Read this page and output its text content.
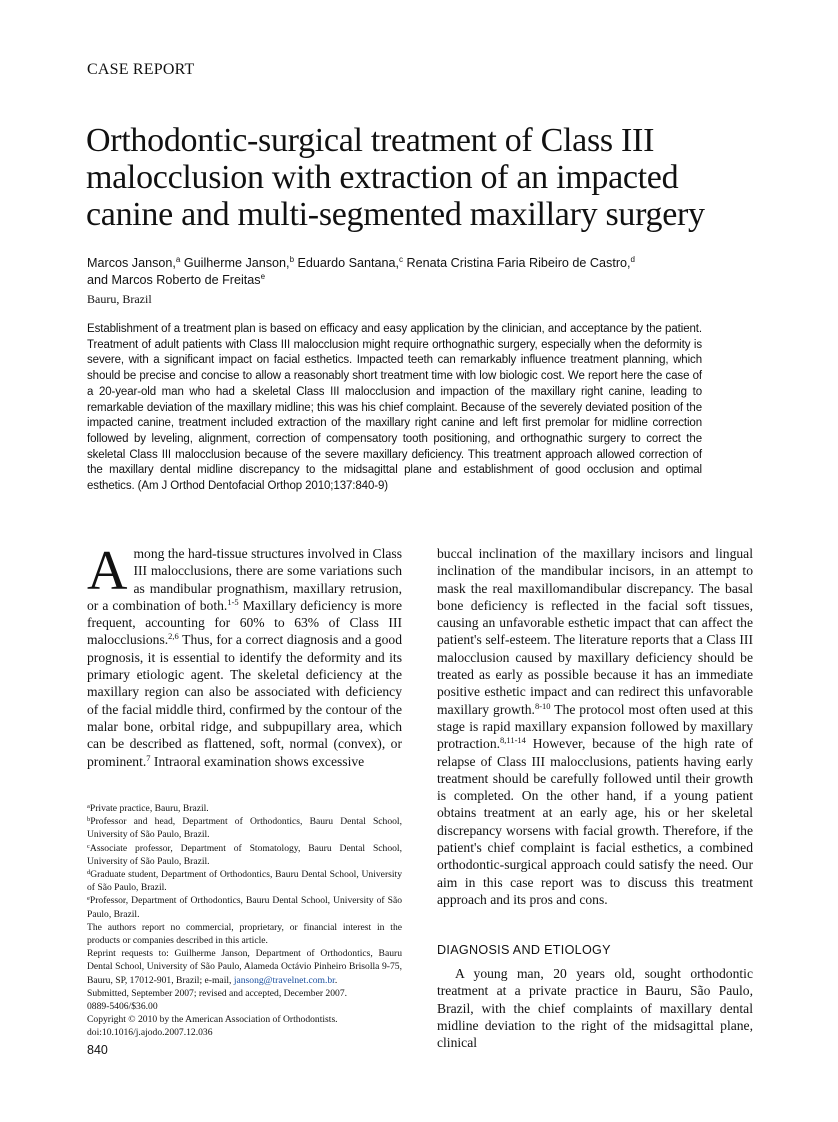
CASE REPORT
Orthodontic-surgical treatment of Class III malocclusion with extraction of an impacted canine and multi-segmented maxillary surgery
Marcos Janson,$^a$ Guilherme Janson,$^b$ Eduardo Santana,$^c$ Renata Cristina Faria Ribeiro de Castro,$^d$
and Marcos Roberto de Freitas$^e$
Bauru, Brazil

Establishment of a treatment plan is based on efficacy and easy application by the clinician, and acceptance by the patient. Treatment of adult patients with Class III malocclusion might require orthognathic surgery, especially when the deformity is severe, with a significant impact on facial esthetics. Impacted teeth can remarkably influence treatment planning, which should be precise and concise to allow a reasonably short treatment time with low biologic cost. We report here the case of a 20-year-old man who had a skeletal Class III malocclusion and impaction of the maxillary right canine, leading to remarkable deviation of the maxillary midline; this was his chief complaint. Because of the severely deviated position of the impacted canine, treatment included extraction of the maxillary right canine and left first premolar for midline correction followed by leveling, alignment, correction of compensatory tooth positioning, and orthognathic surgery to correct the skeletal Class III malocclusion because of the severe maxillary deficiency. This treatment approach allowed correction of the maxillary dental midline discrepancy to the midsagittal plane and establishment of good occlusion and optimal esthetics. (Am J Orthod Dentofacial Orthop 2010;137:840-9)

Among the hard-tissue structures involved in Class III malocclusions, there are some variations such as mandibular prognathism, maxillary retrusion, or a combination of both.$^{1-5}$ Maxillary deficiency is more frequent, accounting for 60% to 63% of Class III malocclusions.$^{2,6}$ Thus, for a correct diagnosis and a good prognosis, it is essential to identify the deformity and its primary etiologic agent. The skeletal deficiency at the maxillary region can also be associated with deficiency of the facial middle third, confirmed by the contour of the malar bone, orbital ridge, and subpupillary area, which can be described as flattened, soft, normal (convex), or prominent.$^7$ Intraoral examination shows excessive

$^a$Private practice, Bauru, Brazil.
$^b$Professor and head, Department of Orthodontics, Bauru Dental School, University of São Paulo, Brazil.
$^c$Associate professor, Department of Stomatology, Bauru Dental School, University of São Paulo, Brazil.
$^d$Graduate student, Department of Orthodontics, Bauru Dental School, University of São Paulo, Brazil.
$^e$Professor, Department of Orthodontics, Bauru Dental School, University of São Paulo, Brazil.
The authors report no commercial, proprietary, or financial interest in the products or companies described in this article.
Reprint requests to: Guilherme Janson, Department of Orthodontics, Bauru Dental School, University of São Paulo, Alameda Octávio Pinheiro Brisolla 9-75, Bauru, SP, 17012-901, Brazil; e-mail, jansong@travelnet.com.br.
Submitted, September 2007; revised and accepted, December 2007.
0889-5406/$36.00
Copyright © 2010 by the American Association of Orthodontists.
doi:10.1016/j.ajodo.2007.12.036
840

buccal inclination of the maxillary incisors and lingual inclination of the mandibular incisors, in an attempt to mask the real maxillomandibular discrepancy. The basal bone deficiency is reflected in the facial soft tissues, causing an unfavorable esthetic impact that can affect the patient's self-esteem. The literature reports that a Class III malocclusion caused by maxillary deficiency should be treated as early as possible because it has an immediate positive esthetic impact and can redirect this unfavorable maxillary growth.$^{8-10}$ The protocol most often used at this stage is rapid maxillary expansion followed by maxillary protraction.$^{8,11-14}$ However, because of the high rate of relapse of Class III malocclusions, patients having early treatment should be carefully followed until their growth is completed. On the other hand, if a young patient obtains treatment at an early age, his or her skeletal discrepancy worsens with facial growth. Therefore, if the patient's chief complaint is facial esthetics, a combined orthodontic-surgical approach could satisfy the need. Our aim in this case report was to discuss this treatment approach and its pros and cons.

DIAGNOSIS AND ETIOLOGY

A young man, 20 years old, sought orthodontic treatment at a private practice in Bauru, São Paulo, Brazil, with the chief complaints of maxillary dental midline deviation to the right of the midsagittal plane, clinical
